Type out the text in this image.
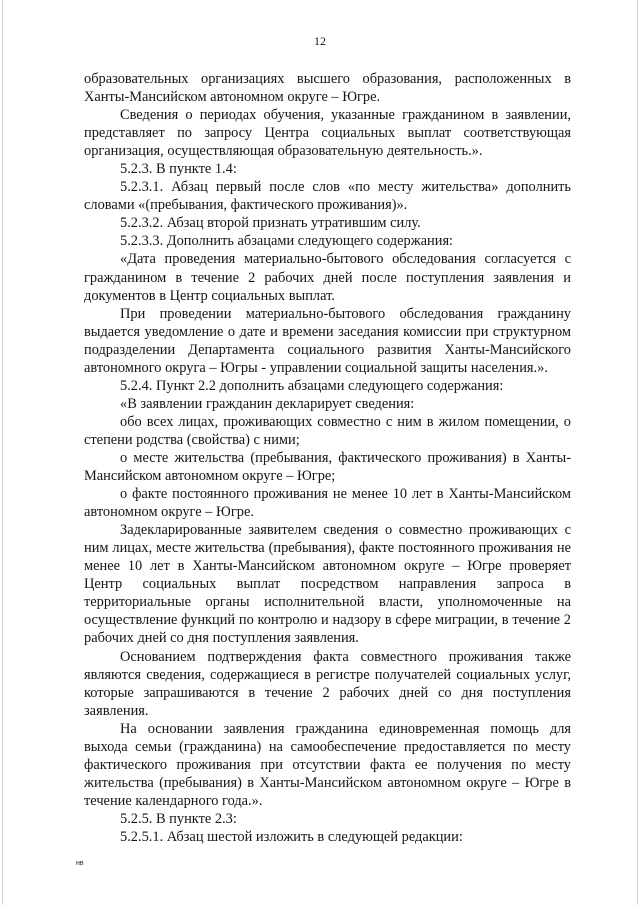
12

образовательных организациях высшего образования, расположенных в Ханты-Мансийском автономном округе – Югре.

Сведения о периодах обучения, указанные гражданином в заявлении, представляет по запросу Центра социальных выплат соответствующая организация, осуществляющая образовательную деятельность.».

5.2.3. В пункте 1.4:

5.2.3.1. Абзац первый после слов «по месту жительства» дополнить словами «(пребывания, фактического проживания)».

5.2.3.2. Абзац второй признать утратившим силу.

5.2.3.3. Дополнить абзацами следующего содержания:

«Дата проведения материально-бытового обследования согласуется с гражданином в течение 2 рабочих дней после поступления заявления и документов в Центр социальных выплат.

При проведении материально-бытового обследования гражданину выдается уведомление о дате и времени заседания комиссии при структурном подразделении Департамента социального развития Ханты-Мансийского автономного округа – Югры - управлении социальной защиты населения.».

5.2.4. Пункт 2.2 дополнить абзацами следующего содержания:

«В заявлении гражданин декларирует сведения:

обо всех лицах, проживающих совместно с ним в жилом помещении, о степени родства (свойства) с ними;

о месте жительства (пребывания, фактического проживания) в Ханты-Мансийском автономном округе – Югре;

о факте постоянного проживания не менее 10 лет в Ханты-Мансийском автономном округе – Югре.

Задекларированные заявителем сведения о совместно проживающих с ним лицах, месте жительства (пребывания), факте постоянного проживания не менее 10 лет в Ханты-Мансийском автономном округе – Югре проверяет Центр социальных выплат посредством направления запроса в территориальные органы исполнительной власти, уполномоченные на осуществление функций по контролю и надзору в сфере миграции, в течение 2 рабочих дней со дня поступления заявления.

Основанием подтверждения факта совместного проживания также являются сведения, содержащиеся в регистре получателей социальных услуг, которые запрашиваются в течение 2 рабочих дней со дня поступления заявления.

На основании заявления гражданина единовременная помощь для выхода семьи (гражданина) на самообеспечение предоставляется по месту фактического проживания при отсутствии факта ее получения по месту жительства (пребывания) в Ханты-Мансийском автономном округе – Югре в течение календарного года.».

5.2.5. В пункте 2.3:

5.2.5.1. Абзац шестой изложить в следующей редакции:

нв
